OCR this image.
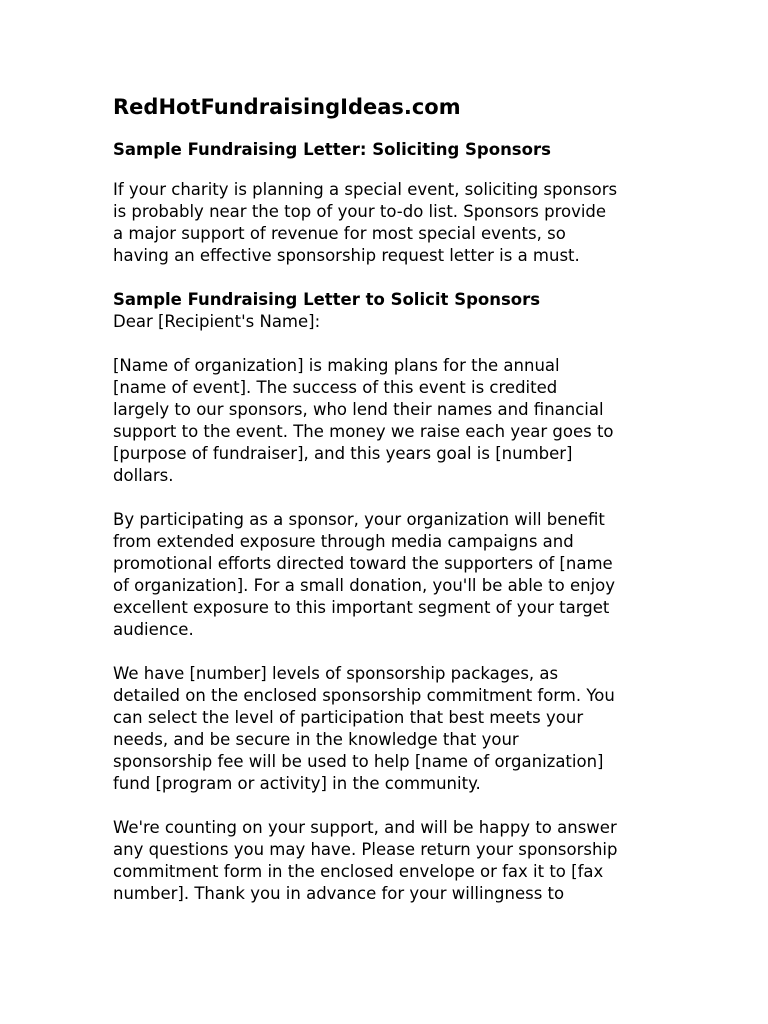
RedHotFundraisingIdeas.com
Sample Fundraising Letter: Soliciting Sponsors

If your charity is planning a special event, soliciting sponsors
is probably near the top of your to-do list. Sponsors provide
a major support of revenue for most special events, so
having an effective sponsorship request letter is a must.

Sample Fundraising Letter to Solicit Sponsors

Dear [Recipient's Name]:

[Name of organization] is making plans for the annual
[name of event]. The success of this event is credited
largely to our sponsors, who lend their names and financial
support to the event. The money we raise each year goes to
[purpose of fundraiser], and this years goal is [number]
dollars.

By participating as a sponsor, your organization will benefit
from extended exposure through media campaigns and
promotional efforts directed toward the supporters of [name
of organization]. For a small donation, you'll be able to enjoy
excellent exposure to this important segment of your target
audience.

We have [number] levels of sponsorship packages, as
detailed on the enclosed sponsorship commitment form. You
can select the level of participation that best meets your
needs, and be secure in the knowledge that your
sponsorship fee will be used to help [name of organization]
fund [program or activity] in the community.

We're counting on your support, and will be happy to answer
any questions you may have. Please return your sponsorship
commitment form in the enclosed envelope or fax it to [fax
number]. Thank you in advance for your willingness to
